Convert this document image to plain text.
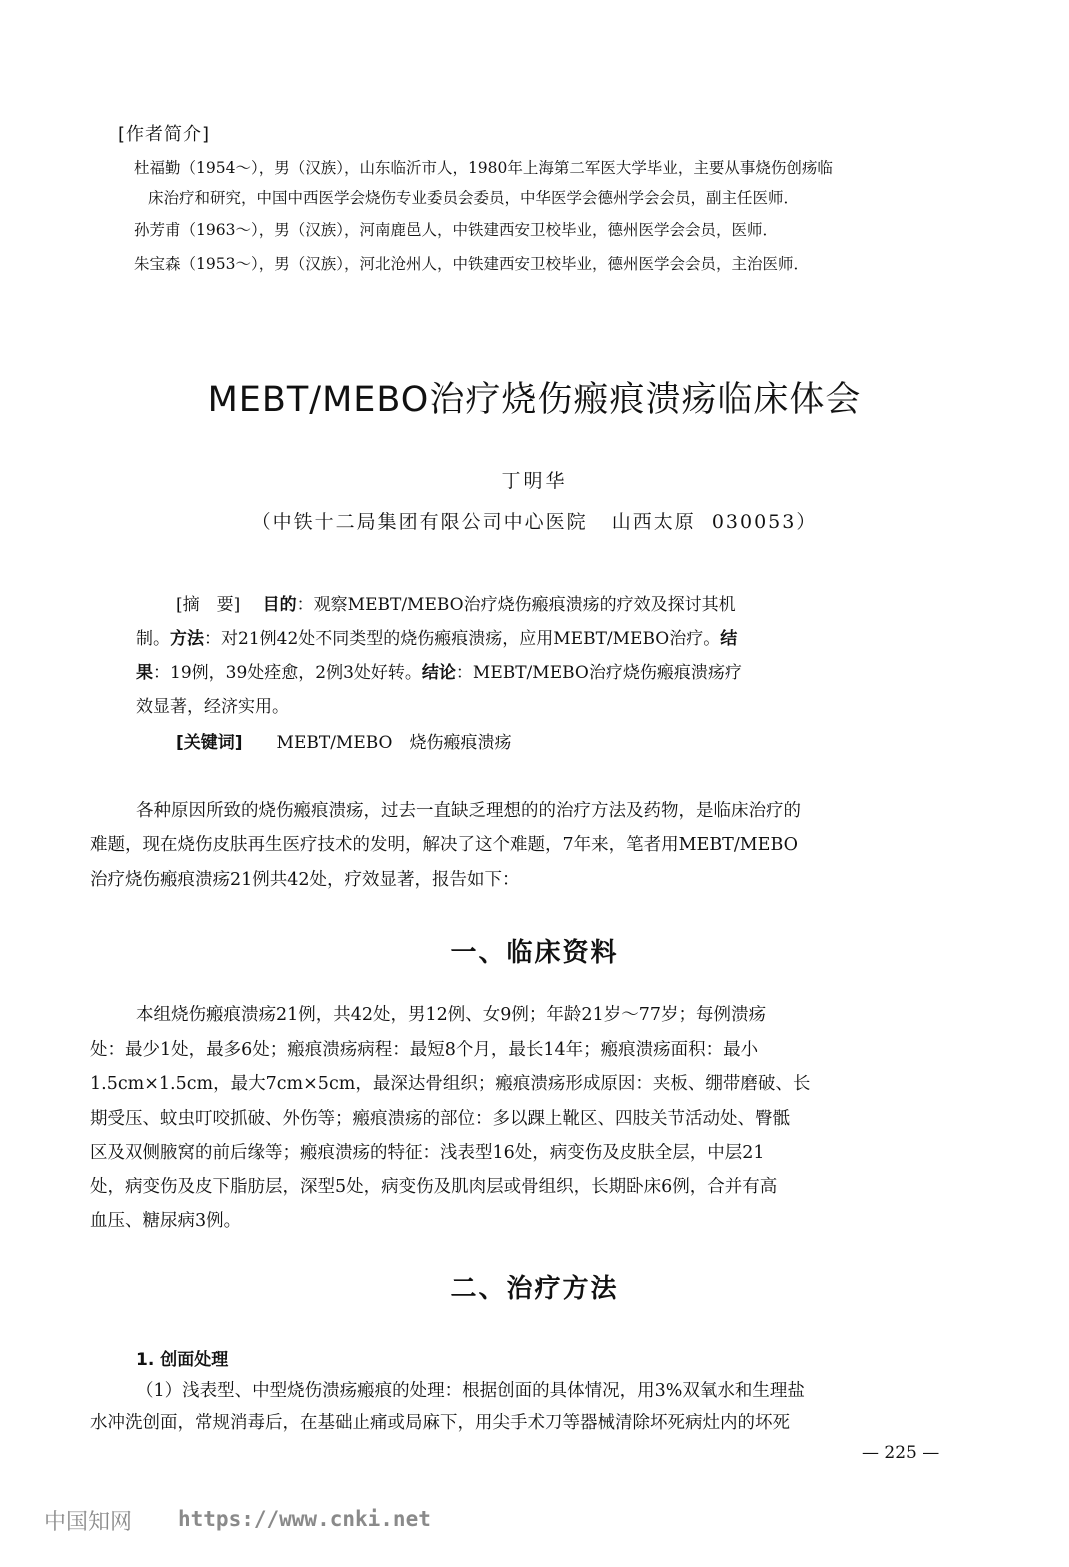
[作者简介]
杜福勤（1954～），男（汉族），山东临沂市人，1980年上海第二军医大学毕业，主要从事烧伤创疡临
床治疗和研究，中国中西医学会烧伤专业委员会委员，中华医学会德州学会会员，副主任医师．
孙芳甫（1963～），男（汉族），河南鹿邑人，中铁建西安卫校毕业，德州医学会会员，医师．
朱宝森（1953～），男（汉族），河北沧州人，中铁建西安卫校毕业，德州医学会会员，主治医师．
MEBT/MEBO治疗烧伤瘢痕溃疡临床体会
丁明华
（中铁十二局集团有限公司中心医院   山西太原  030053）
[摘　要]　 目的：观察MEBT/MEBO治疗烧伤瘢痕溃疡的疗效及探讨其机
制。方法：对21例42处不同类型的烧伤瘢痕溃疡，应用MEBT/MEBO治疗。结
果：19例，39处痊愈，2例3处好转。结论：MEBT/MEBO治疗烧伤瘢痕溃疡疗
效显著，经济实用。
[关键词]　　 MEBT/MEBO　烧伤瘢痕溃疡
各种原因所致的烧伤瘢痕溃疡，过去一直缺乏理想的的治疗方法及药物，是临床治疗的
难题，现在烧伤皮肤再生医疗技术的发明，解决了这个难题，7年来，笔者用MEBT/MEBO
治疗烧伤瘢痕溃疡21例共42处，疗效显著，报告如下：
一、临床资料
本组烧伤瘢痕溃疡21例，共42处，男12例、女9例；年龄21岁～77岁；每例溃疡
处：最少1处，最多6处；瘢痕溃疡病程：最短8个月，最长14年；瘢痕溃疡面积：最小
1.5cm×1.5cm，最大7cm×5cm，最深达骨组织；瘢痕溃疡形成原因：夹板、绷带磨破、长
期受压、蚊虫叮咬抓破、外伤等；瘢痕溃疡的部位：多以踝上靴区、四肢关节活动处、臀骶
区及双侧腋窝的前后缘等；瘢痕溃疡的特征：浅表型16处，病变伤及皮肤全层，中层21
处，病变伤及皮下脂肪层，深型5处，病变伤及肌肉层或骨组织，长期卧床6例，合并有高
血压、糖尿病3例。
二、治疗方法
1. 创面处理
（1）浅表型、中型烧伤溃疡瘢痕的处理：根据创面的具体情况，用3%双氧水和生理盐
水冲洗创面，常规消毒后，在基础止痛或局麻下，用尖手术刀等器械清除坏死病灶内的坏死
— 225 —
中国知网 https://www.cnki.net
